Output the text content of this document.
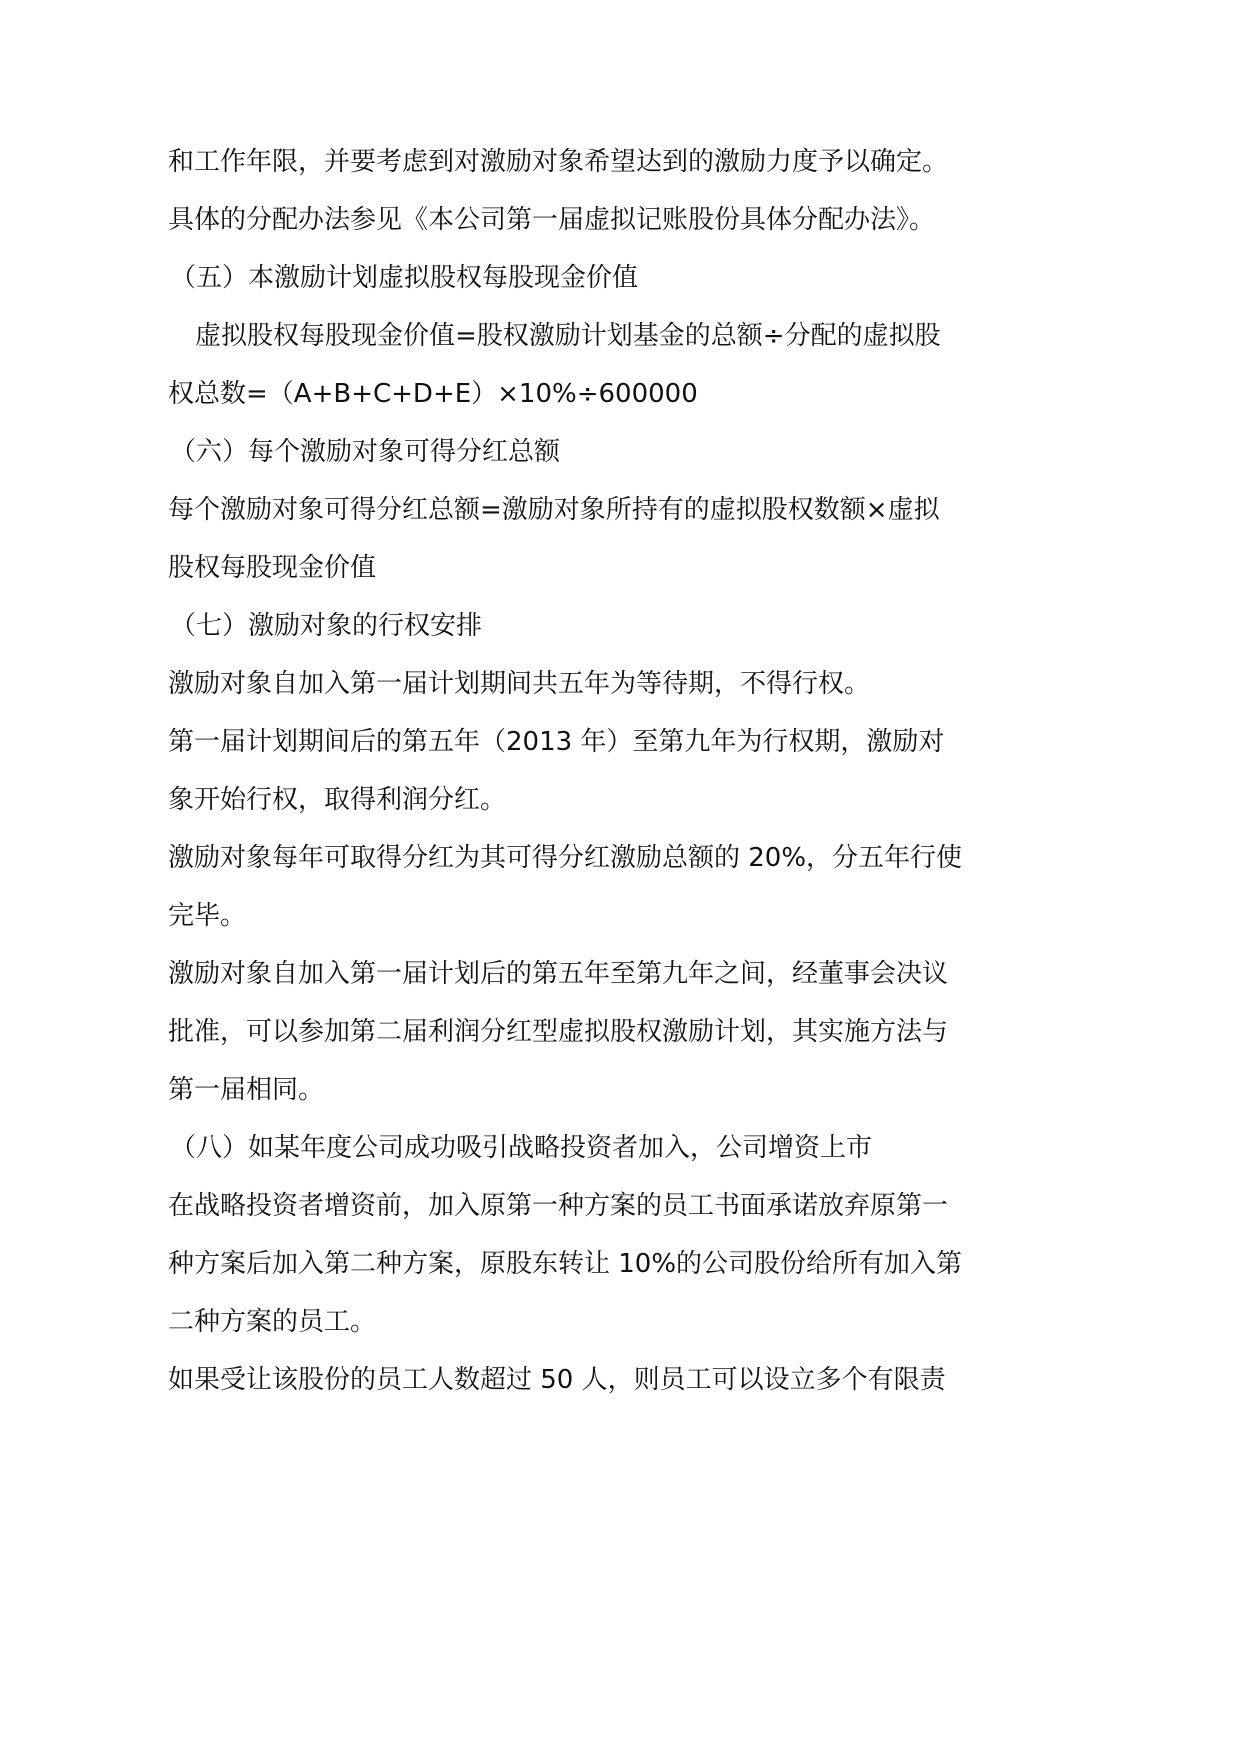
和工作年限，并要考虑到对激励对象希望达到的激励力度予以确定。
具体的分配办法参见《本公司第一届虚拟记账股份具体分配办法》。
（五）本激励计划虚拟股权每股现金价值
虚拟股权每股现金价值=股权激励计划基金的总额÷分配的虚拟股
权总数=（A+B+C+D+E）×10%÷600000
（六）每个激励对象可得分红总额
每个激励对象可得分红总额=激励对象所持有的虚拟股权数额×虚拟
股权每股现金价值
（七）激励对象的行权安排
激励对象自加入第一届计划期间共五年为等待期，不得行权。
第一届计划期间后的第五年（2013 年）至第九年为行权期，激励对
象开始行权，取得利润分红。
激励对象每年可取得分红为其可得分红激励总额的 20%，分五年行使
完毕。
激励对象自加入第一届计划后的第五年至第九年之间，经董事会决议
批准，可以参加第二届利润分红型虚拟股权激励计划，其实施方法与
第一届相同。
（八）如某年度公司成功吸引战略投资者加入，公司增资上市
在战略投资者增资前，加入原第一种方案的员工书面承诺放弃原第一
种方案后加入第二种方案，原股东转让 10%的公司股份给所有加入第
二种方案的员工。
如果受让该股份的员工人数超过 50 人，则员工可以设立多个有限责
